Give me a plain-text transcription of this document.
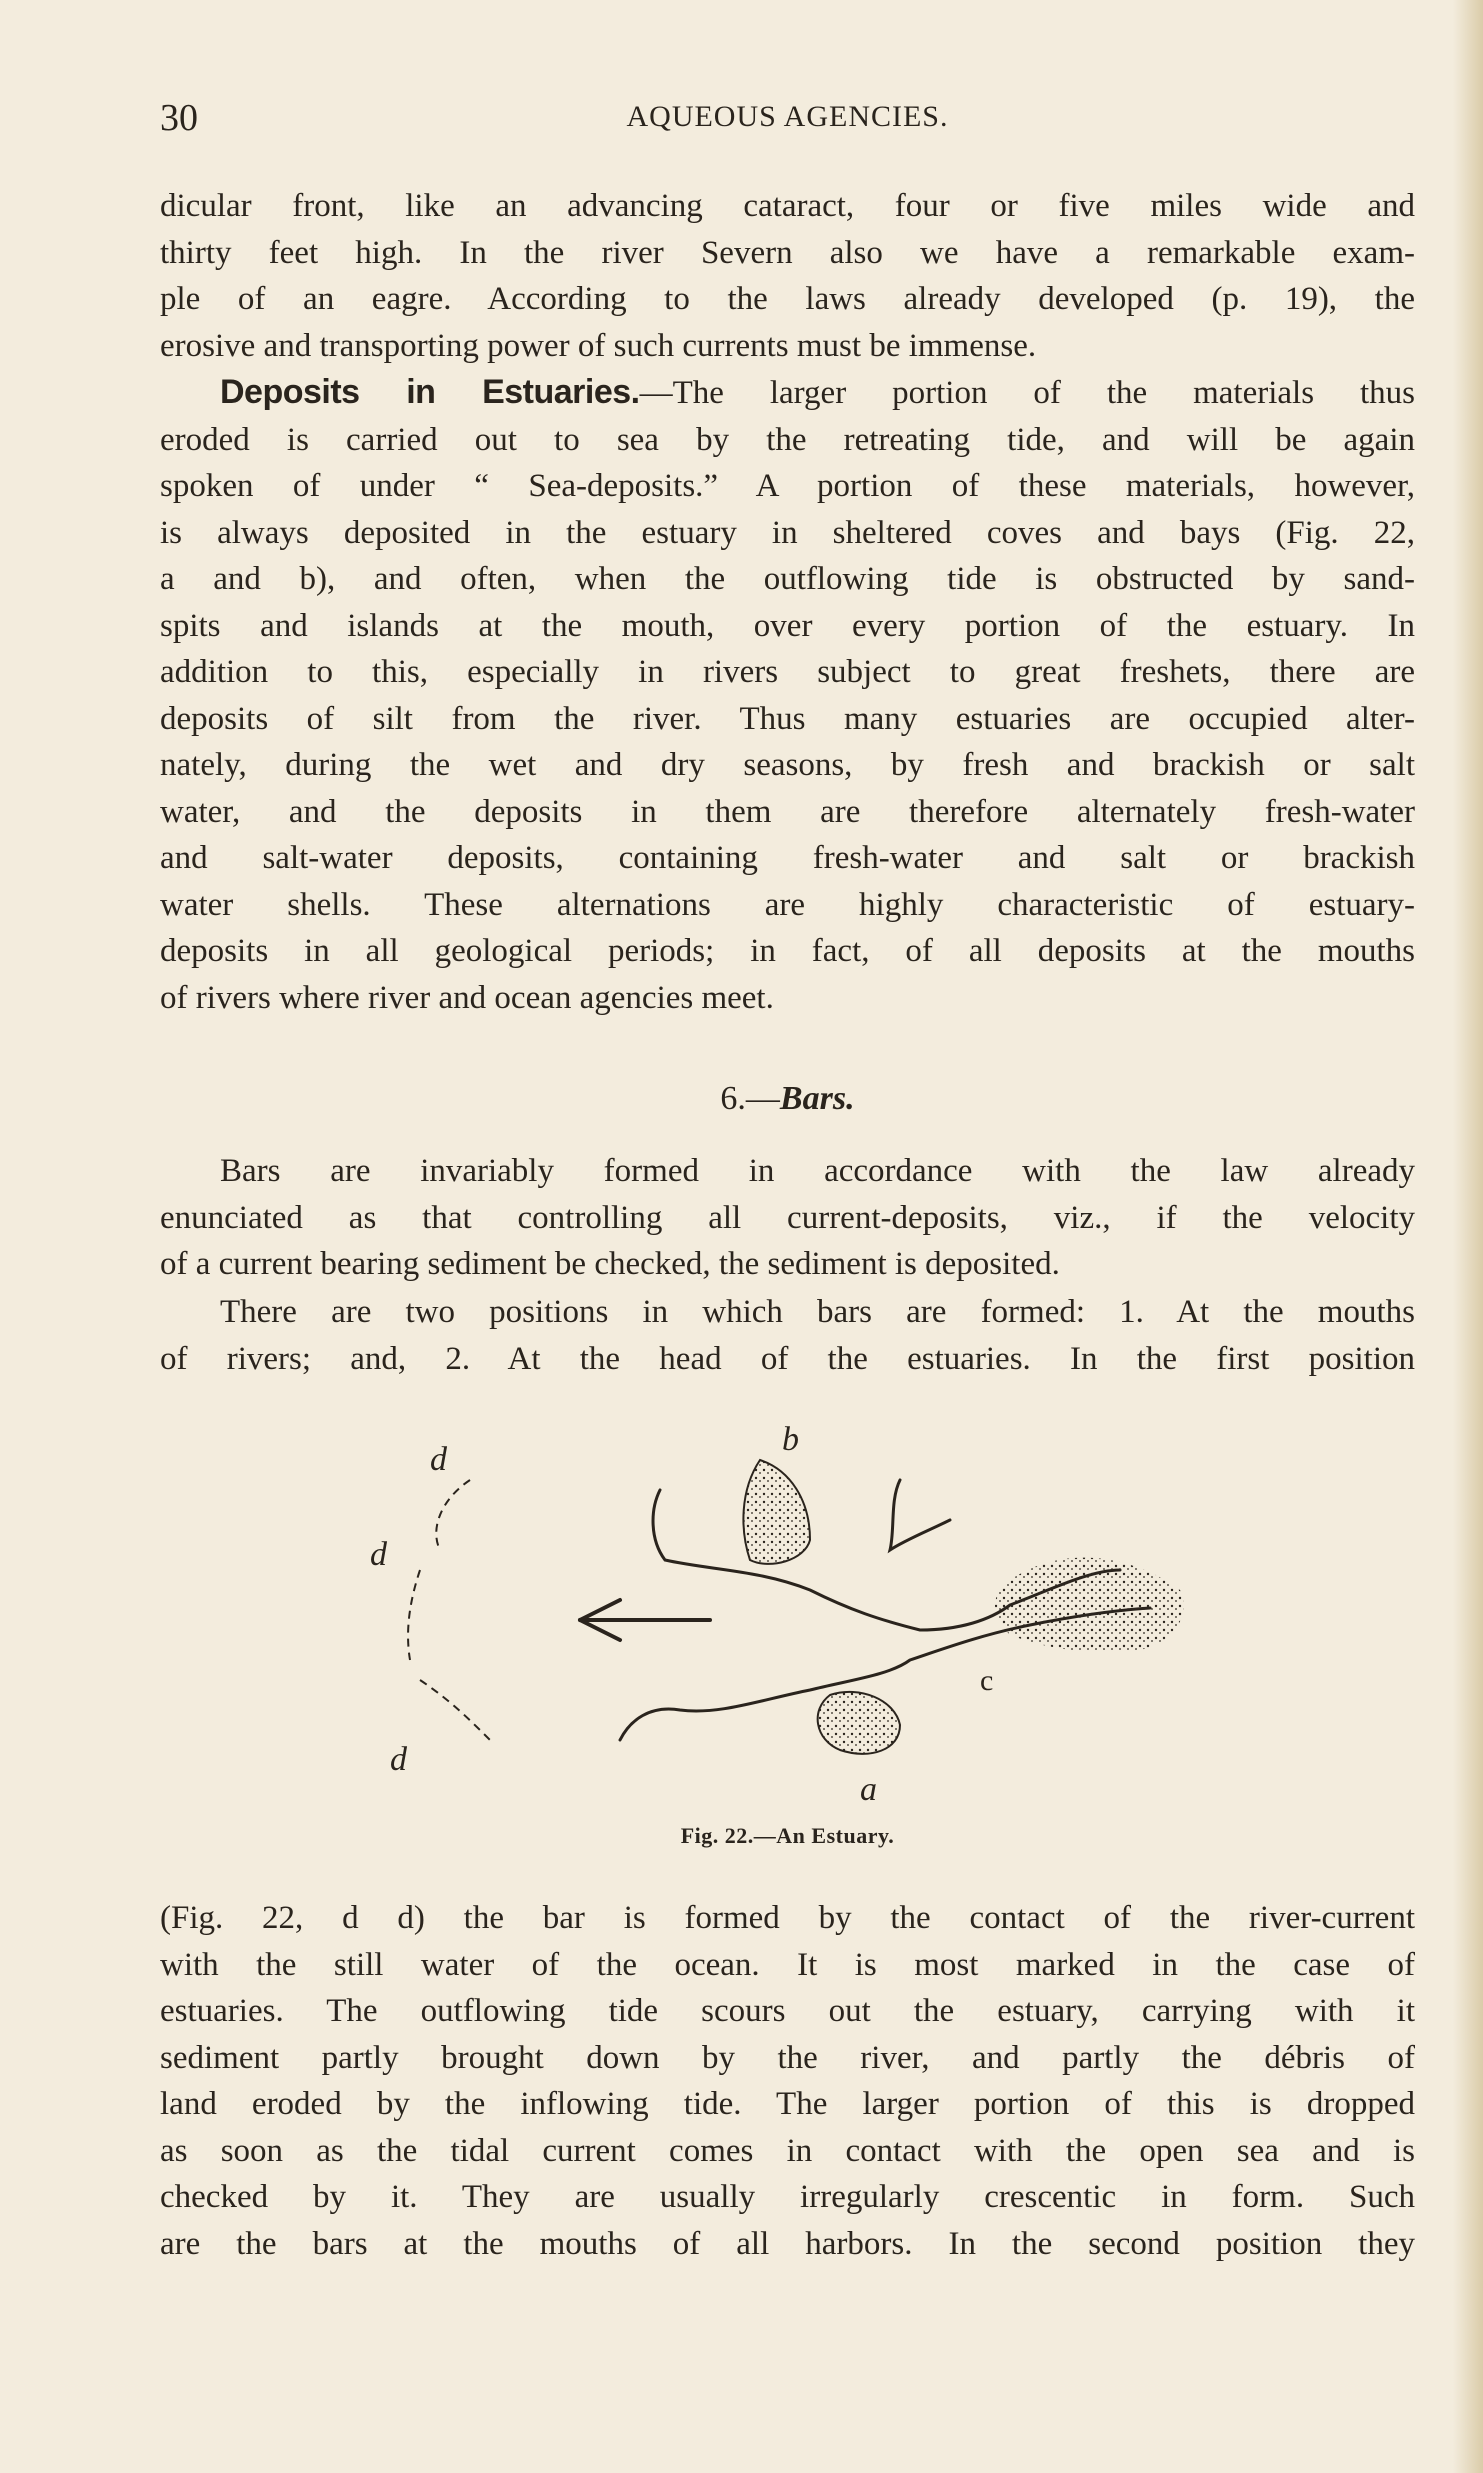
30	AQUEOUS AGENCIES.
dicular front, like an advancing cataract, four or five miles wide and
thirty feet high. In the river Severn also we have a remarkable exam-
ple of an eagre. According to the laws already developed (p. 19), the
erosive and transporting power of such currents must be immense.
Deposits in Estuaries.—The larger portion of the materials thus
eroded is carried out to sea by the retreating tide, and will be again
spoken of under “ Sea-deposits.” A portion of these materials, however,
is always deposited in the estuary in sheltered coves and bays (Fig. 22,
a and b), and often, when the outflowing tide is obstructed by sand-
spits and islands at the mouth, over every portion of the estuary. In
addition to this, especially in rivers subject to great freshets, there are
deposits of silt from the river. Thus many estuaries are occupied alter-
nately, during the wet and dry seasons, by fresh and brackish or salt
water, and the deposits in them are therefore alternately fresh-water
and salt-water deposits, containing fresh-water and salt or brackish
water shells. These alternations are highly characteristic of estuary-
deposits in all geological periods; in fact, of all deposits at the mouths
of rivers where river and ocean agencies meet.
6.—Bars.
Bars are invariably formed in accordance with the law already
enunciated as that controlling all current-deposits, viz., if the velocity
of a current bearing sediment be checked, the sediment is deposited.
There are two positions in which bars are formed: 1. At the mouths
of rivers; and, 2. At the head of the estuaries. In the first position
b
a
c
d
d
d
Fig. 22.—An Estuary.
(Fig. 22, d d) the bar is formed by the contact of the river-current
with the still water of the ocean. It is most marked in the case of
estuaries. The outflowing tide scours out the estuary, carrying with it
sediment partly brought down by the river, and partly the débris of
land eroded by the inflowing tide. The larger portion of this is dropped
as soon as the tidal current comes in contact with the open sea and is
checked by it. They are usually irregularly crescentic in form. Such
are the bars at the mouths of all harbors. In the second position they
